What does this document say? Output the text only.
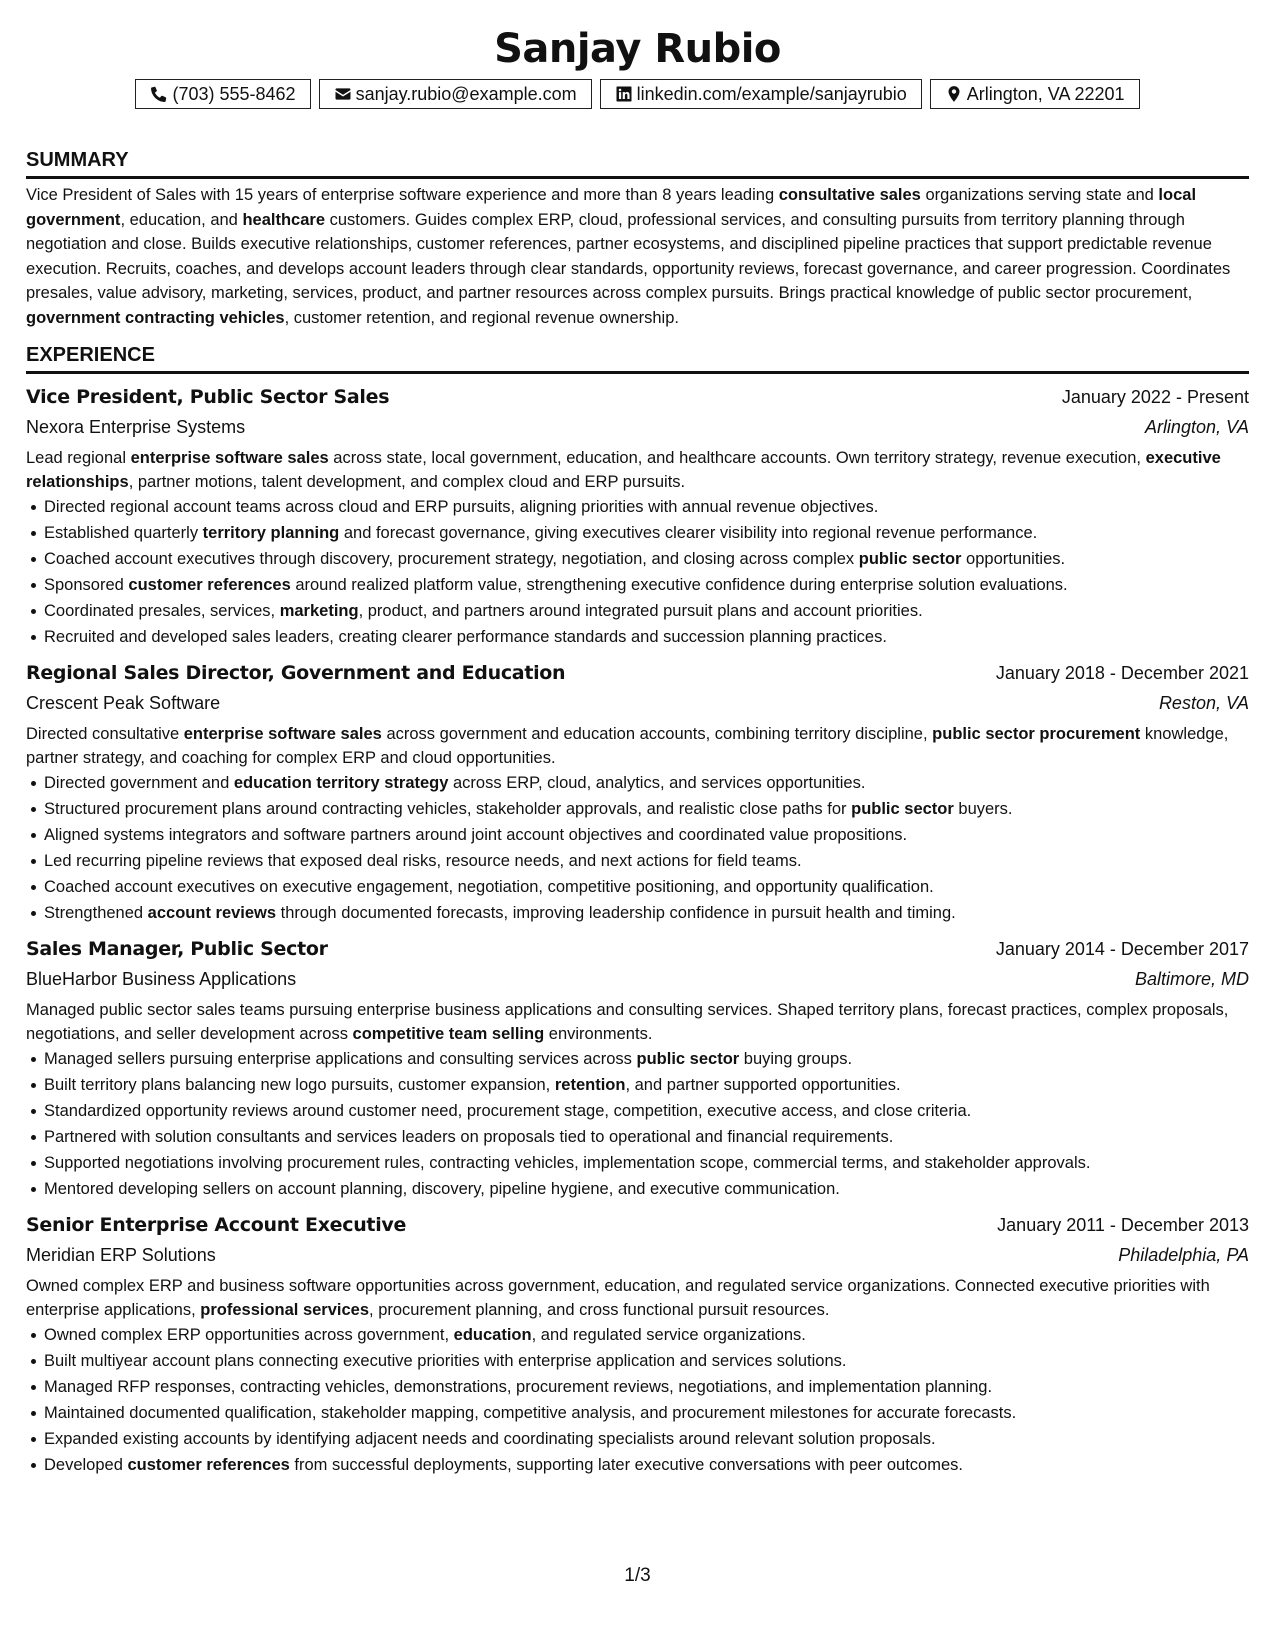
Sanjay Rubio
(703) 555-8462	sanjay.rubio@example.com	linkedin.com/example/sanjayrubio	Arlington, VA 22201
SUMMARY

Vice President of Sales with 15 years of enterprise software experience and more than 8 years leading consultative sales organizations serving state and local government, education, and healthcare customers. Guides complex ERP, cloud, professional services, and consulting pursuits from territory planning through negotiation and close. Builds executive relationships, customer references, partner ecosystems, and disciplined pipeline practices that support predictable revenue execution. Recruits, coaches, and develops account leaders through clear standards, opportunity reviews, forecast governance, and career progression. Coordinates presales, value advisory, marketing, services, product, and partner resources across complex pursuits. Brings practical knowledge of public sector procurement, government contracting vehicles, customer retention, and regional revenue ownership.

EXPERIENCE
Vice President, Public Sector Sales	January 2022 - Present
Nexora Enterprise Systems	Arlington, VA

Lead regional enterprise software sales across state, local government, education, and healthcare accounts. Own territory strategy, revenue execution, executive relationships, partner motions, talent development, and complex cloud and ERP pursuits.

Directed regional account teams across cloud and ERP pursuits, aligning priorities with annual revenue objectives.
Established quarterly territory planning and forecast governance, giving executives clearer visibility into regional revenue performance.
Coached account executives through discovery, procurement strategy, negotiation, and closing across complex public sector opportunities.
Sponsored customer references around realized platform value, strengthening executive confidence during enterprise solution evaluations.
Coordinated presales, services, marketing, product, and partners around integrated pursuit plans and account priorities.
Recruited and developed sales leaders, creating clearer performance standards and succession planning practices.
Regional Sales Director, Government and Education	January 2018 - December 2021
Crescent Peak Software	Reston, VA

Directed consultative enterprise software sales across government and education accounts, combining territory discipline, public sector procurement knowledge, partner strategy, and coaching for complex ERP and cloud opportunities.

Directed government and education territory strategy across ERP, cloud, analytics, and services opportunities.
Structured procurement plans around contracting vehicles, stakeholder approvals, and realistic close paths for public sector buyers.
Aligned systems integrators and software partners around joint account objectives and coordinated value propositions.
Led recurring pipeline reviews that exposed deal risks, resource needs, and next actions for field teams.
Coached account executives on executive engagement, negotiation, competitive positioning, and opportunity qualification.
Strengthened account reviews through documented forecasts, improving leadership confidence in pursuit health and timing.
Sales Manager, Public Sector	January 2014 - December 2017
BlueHarbor Business Applications	Baltimore, MD

Managed public sector sales teams pursuing enterprise business applications and consulting services. Shaped territory plans, forecast practices, complex proposals, negotiations, and seller development across competitive team selling environments.

Managed sellers pursuing enterprise applications and consulting services across public sector buying groups.
Built territory plans balancing new logo pursuits, customer expansion, retention, and partner supported opportunities.
Standardized opportunity reviews around customer need, procurement stage, competition, executive access, and close criteria.
Partnered with solution consultants and services leaders on proposals tied to operational and financial requirements.
Supported negotiations involving procurement rules, contracting vehicles, implementation scope, commercial terms, and stakeholder approvals.
Mentored developing sellers on account planning, discovery, pipeline hygiene, and executive communication.
Senior Enterprise Account Executive	January 2011 - December 2013
Meridian ERP Solutions	Philadelphia, PA

Owned complex ERP and business software opportunities across government, education, and regulated service organizations. Connected executive priorities with enterprise applications, professional services, procurement planning, and cross functional pursuit resources.

Owned complex ERP opportunities across government, education, and regulated service organizations.
Built multiyear account plans connecting executive priorities with enterprise application and services solutions.
Managed RFP responses, contracting vehicles, demonstrations, procurement reviews, negotiations, and implementation planning.
Maintained documented qualification, stakeholder mapping, competitive analysis, and procurement milestones for accurate forecasts.
Expanded existing accounts by identifying adjacent needs and coordinating specialists around relevant solution proposals.
Developed customer references from successful deployments, supporting later executive conversations with peer outcomes.
1/3
